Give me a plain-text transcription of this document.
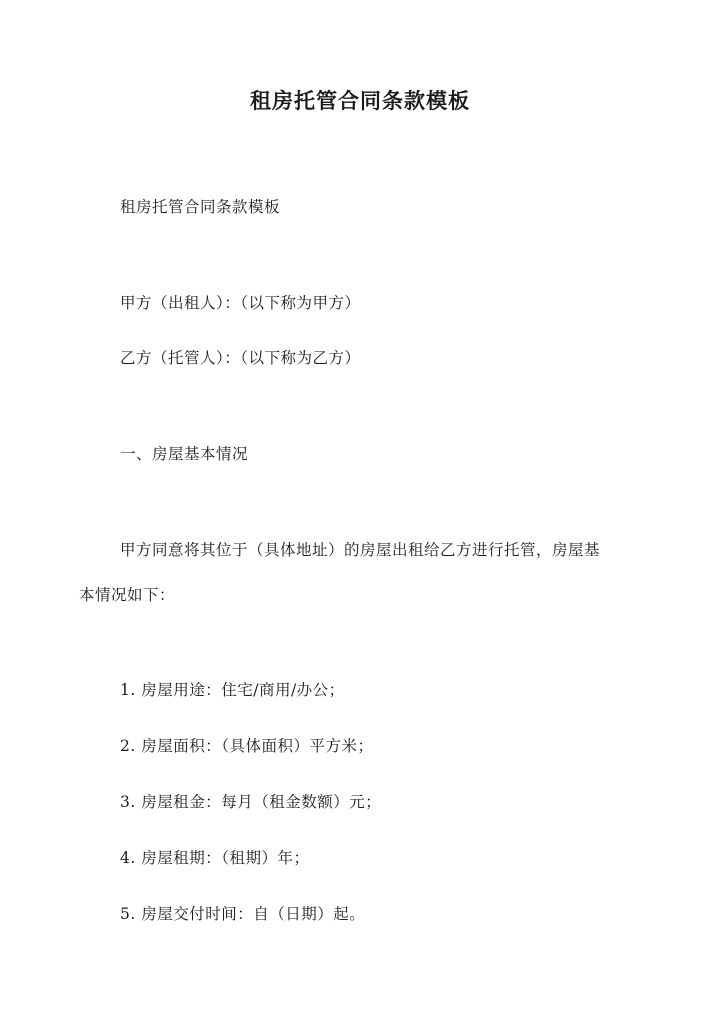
租房托管合同条款模板
租房托管合同条款模板
甲方（出租人）：（以下称为甲方）
乙方（托管人）：（以下称为乙方）
一、房屋基本情况
甲方同意将其位于（具体地址）的房屋出租给乙方进行托管，房屋基
本情况如下：
1. 房屋用途：住宅/商用/办公；
2. 房屋面积：（具体面积）平方米；
3. 房屋租金：每月（租金数额）元；
4. 房屋租期：（租期）年；
5. 房屋交付时间：自（日期）起。
